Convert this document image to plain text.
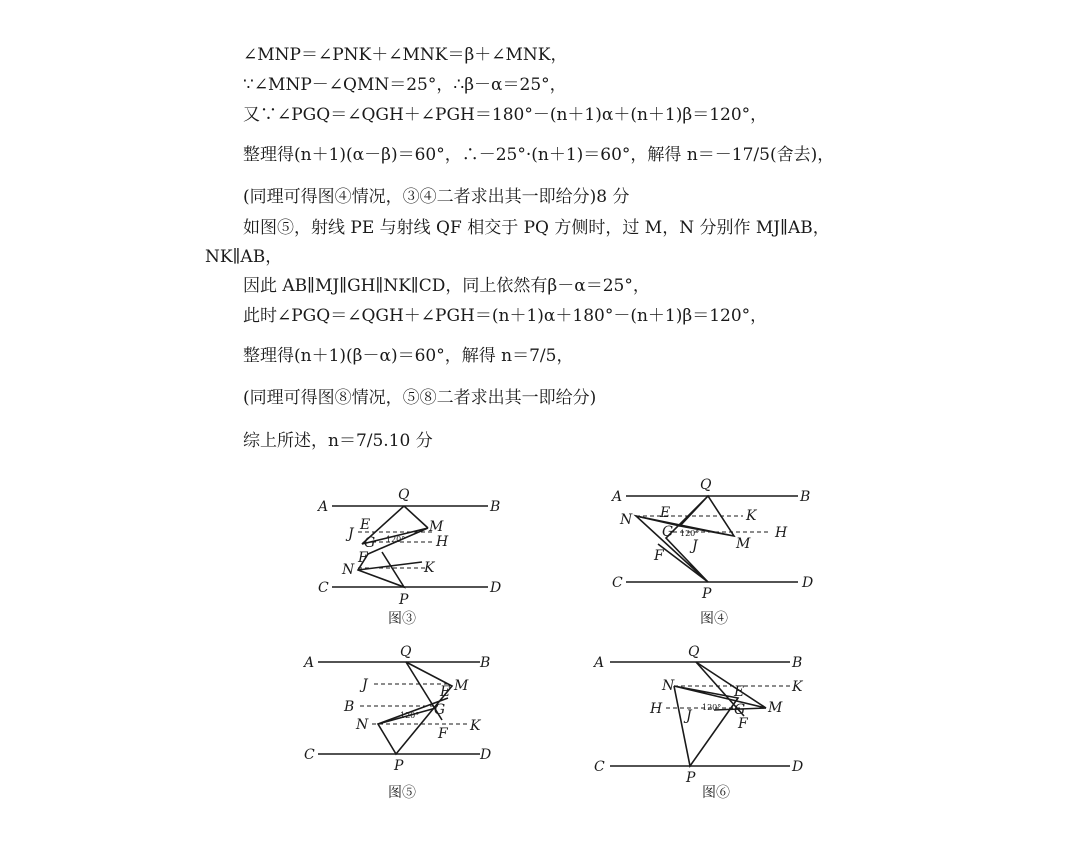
∠MNP＝∠PNK＋∠MNK＝β＋∠MNK，
∵∠MNP－∠QMN＝25°，∴β－α＝25°，
又∵∠PGQ＝∠QGH＋∠PGH＝180°－(n＋1)α＋(n＋1)β＝120°，
整理得(n＋1)(α－β)＝60°，∴－25°·(n＋1)＝60°，解得 n＝－17/5(舍去)，
(同理可得图④情况，③④二者求出其一即给分)8 分
如图⑤，射线 PE 与射线 QF 相交于 PQ 方侧时，过 M，N 分别作 MJ∥AB，
NK∥AB，
因此 AB∥MJ∥GH∥NK∥CD，同上依然有β－α＝25°，
此时∠PGQ＝∠QGH＋∠PGH＝(n＋1)α＋180°－(n＋1)β＝120°，
整理得(n＋1)(β－α)＝60°，解得 n＝7/5，
(同理可得图⑧情况，⑤⑧二者求出其一即给分)
综上所述，n＝7/5.10 分
A	B
Q
J
E	M
G	H
F
N	K
C	D
P
120°
图③
A	B
Q
N E	K
G	H
M
J
F
C	D
P
120°
图④
A	B
Q
J	E M
B	G
N	K
F
C	D
P
120°
图⑤
A	B
Q
N	K
E
H	G M
J	F
C	D
P
120°
图⑥
